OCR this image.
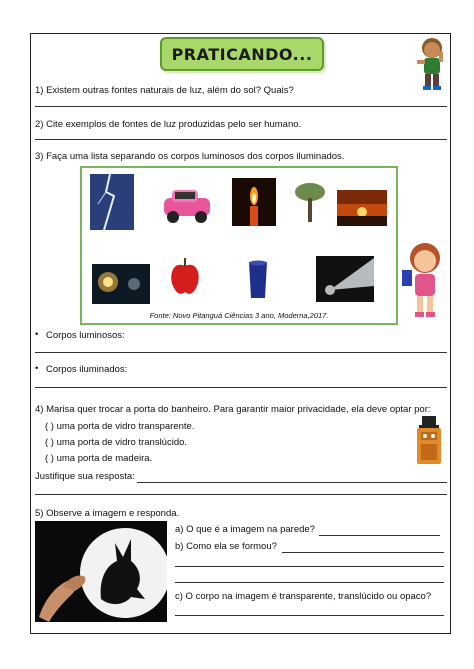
PRATICANDO...
1) Existem outras fontes naturais de luz, além do sol? Quais?
2) Cite exemplos de fontes de luz produzidas pelo ser humano.
3) Faça uma lista separando os corpos luminosos dos corpos iluminados.
Fonte: Novo Pitanguá Ciências 3 ano, Moderna,2017.
• Corpos luminosos:
• Corpos iluminados:
4) Marisa quer trocar a porta do banheiro. Para garantir maior privacidade, ela deve optar por:
( ) uma porta de vidro transparente.
( ) uma porta de vidro translúcido.
( ) uma porta de madeira.
Justifique sua resposta:
5) Observe a imagem e responda.
a) O que é a imagem na parede?
b) Como ela se formou?
c) O corpo na imagem é transparente, translúcido ou opaco?
